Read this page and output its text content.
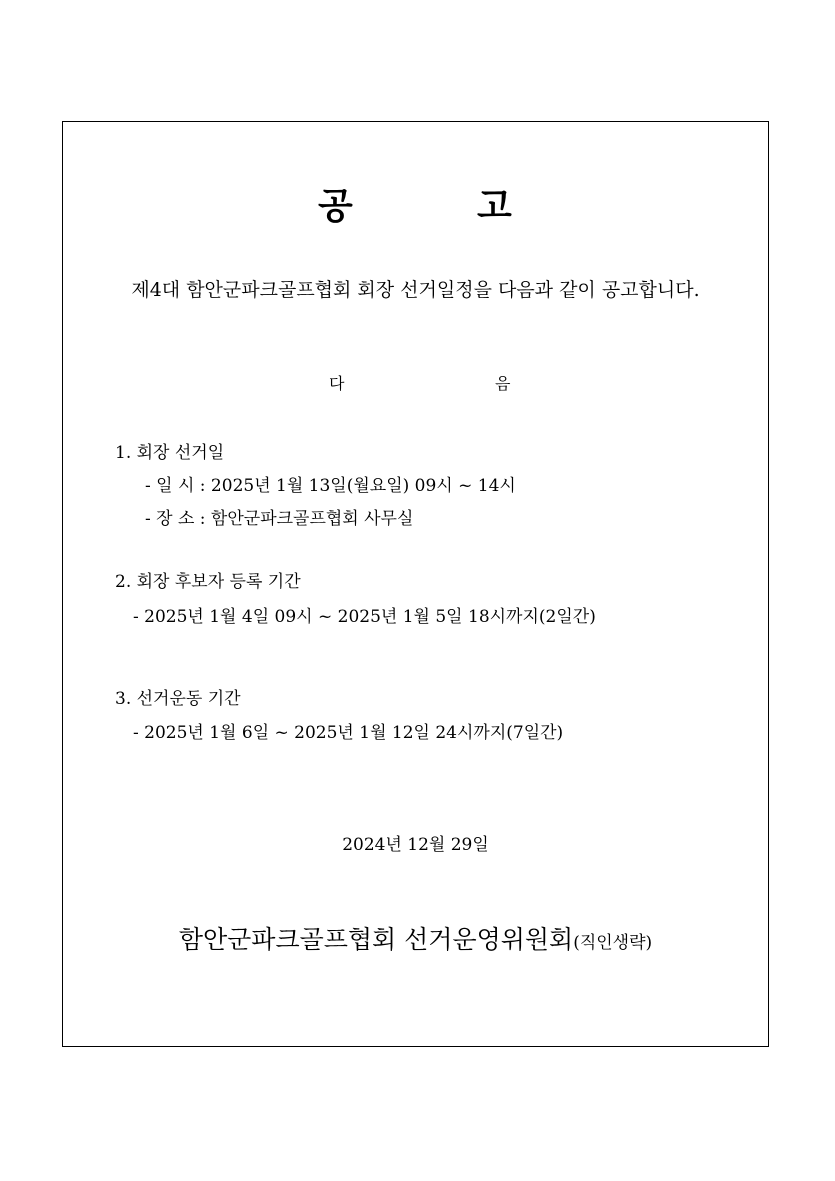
공	고
제4대 함안군파크골프협회 회장 선거일정을 다음과 같이 공고합니다.
다	음
1. 회장 선거일
- 일 시 : 2025년 1월 13일(월요일) 09시 ~ 14시
- 장 소 : 함안군파크골프협회 사무실
2. 회장 후보자 등록 기간
- 2025년 1월 4일 09시 ~ 2025년 1월 5일 18시까지(2일간)
3. 선거운동 기간
- 2025년 1월 6일 ~ 2025년 1월 12일 24시까지(7일간)
2024년 12월 29일
함안군파크골프협회 선거운영위원회(직인생략)
